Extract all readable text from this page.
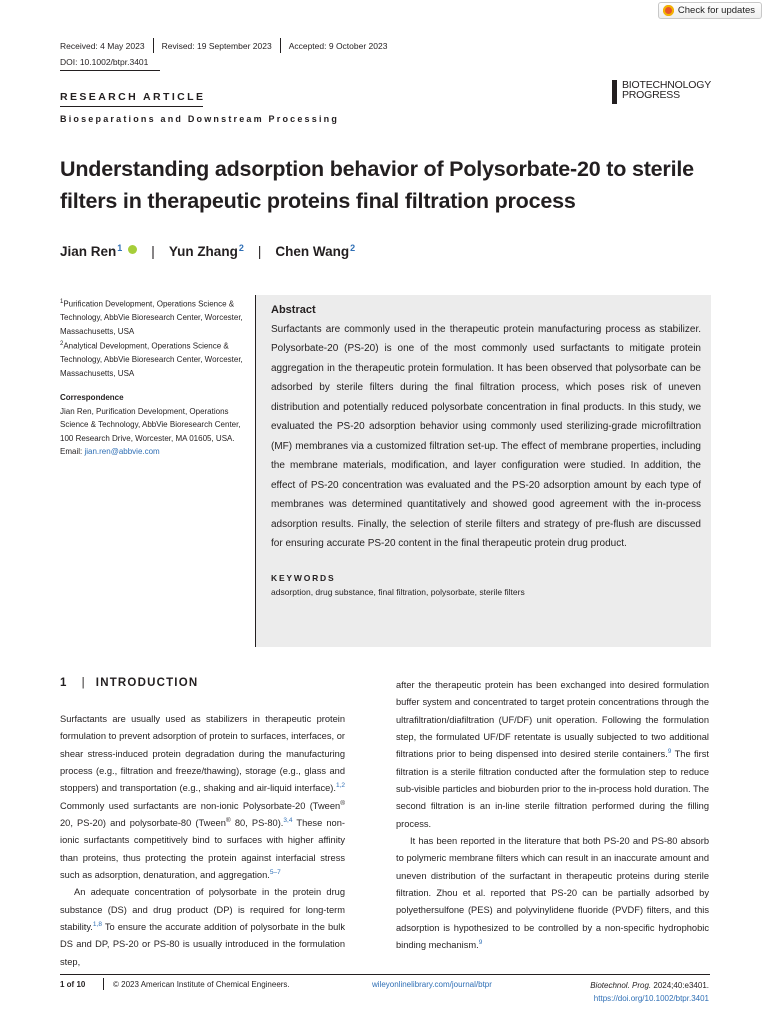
Check for updates
Received: 4 May 2023 Revised: 19 September 2023 Accepted: 9 October 2023
DOI: 10.1002/btpr.3401
RESEARCH ARTICLE
Bioseparations and Downstream Processing
BIOTECHNOLOGY
PROGRESS
Understanding adsorption behavior of Polysorbate-20 to sterile filters in therapeutic proteins final filtration process
Jian Ren$^1$ | Yun Zhang$^2$ | Chen Wang$^2$
$^1$Purification Development, Operations Science & Technology, AbbVie Bioresearch Center, Worcester, Massachusetts, USA
$^2$Analytical Development, Operations Science & Technology, AbbVie Bioresearch Center, Worcester, Massachusetts, USA
Correspondence
Jian Ren, Purification Development, Operations Science & Technology, AbbVie Bioresearch Center, 100 Research Drive, Worcester, MA 01605, USA.
Email: jian.ren@abbvie.com
Abstract

Surfactants are commonly used in the therapeutic protein manufacturing process as stabilizer. Polysorbate-20 (PS-20) is one of the most commonly used surfactants to mitigate protein aggregation in the therapeutic protein formulation. It has been observed that polysorbate can be adsorbed by sterile filters during the final filtration process, which poses risk of uneven distribution and potentially reduced polysorbate concentration in final products. In this study, we evaluated the PS-20 adsorption behavior using commonly used sterilizing-grade microfiltration (MF) membranes via a customized filtration set-up. The effect of membrane properties, including the membrane materials, modification, and layer configuration were studied. In addition, the effect of PS-20 concentration was evaluated and the PS-20 adsorption amount by each type of membranes was determined quantitatively and showed good agreement with the in-process adsorption results. Finally, the selection of sterile filters and strategy of pre-flush are discussed for ensuring accurate PS-20 content in the final therapeutic protein drug product.

KEYWORDS
adsorption, drug substance, final filtration, polysorbate, sterile filters
1 | INTRODUCTION

Surfactants are usually used as stabilizers in therapeutic protein formulation to prevent adsorption of protein to surfaces, interfaces, or shear stress-induced protein degradation during the manufacturing process (e.g., filtration and freeze/thawing), storage (e.g., glass and stoppers) and transportation (e.g., shaking and air-liquid interface).$^{1,2}$ Commonly used surfactants are non-ionic Polysorbate-20 (Tween® 20, PS-20) and polysorbate-80 (Tween® 80, PS-80).$^{3,4}$ These non-ionic surfactants competitively bind to surfaces with higher affinity than proteins, thus protecting the protein against interfacial stress such as adsorption, denaturation, and aggregation.$^{5-7}$

An adequate concentration of polysorbate in the protein drug substance (DS) and drug product (DP) is required for long-term stability.$^{1,8}$ To ensure the accurate addition of polysorbate in the bulk DS and DP, PS-20 or PS-80 is usually introduced in the formulation step,

after the therapeutic protein has been exchanged into desired formulation buffer system and concentrated to target protein concentrations through the ultrafiltration/diafiltration (UF/DF) unit operation. Following the formulation step, the formulated UF/DF retentate is usually subjected to two additional filtrations prior to being dispensed into desired sterile containers.$^9$ The first filtration is a sterile filtration conducted after the formulation step to reduce sub-visible particles and bioburden prior to the in-process hold duration. The second filtration is an in-line sterile filtration performed during the filling process.

It has been reported in the literature that both PS-20 and PS-80 absorb to polymeric membrane filters which can result in an inaccurate amount and uneven distribution of the surfactant in therapeutic proteins during sterile filtration. Zhou et al. reported that PS-20 can be partially adsorbed by polyethersulfone (PES) and polyvinylidene fluoride (PVDF) filters, and this adsorption is hypothesized to be controlled by a non-specific hydrophobic binding mechanism.$^9$

1 of 10	© 2023 American Institute of Chemical Engineers.	wileyonlinelibrary.com/journal/btpr	Biotechnol. Prog. 2024;40:e3401.
https://doi.org/10.1002/btpr.3401
